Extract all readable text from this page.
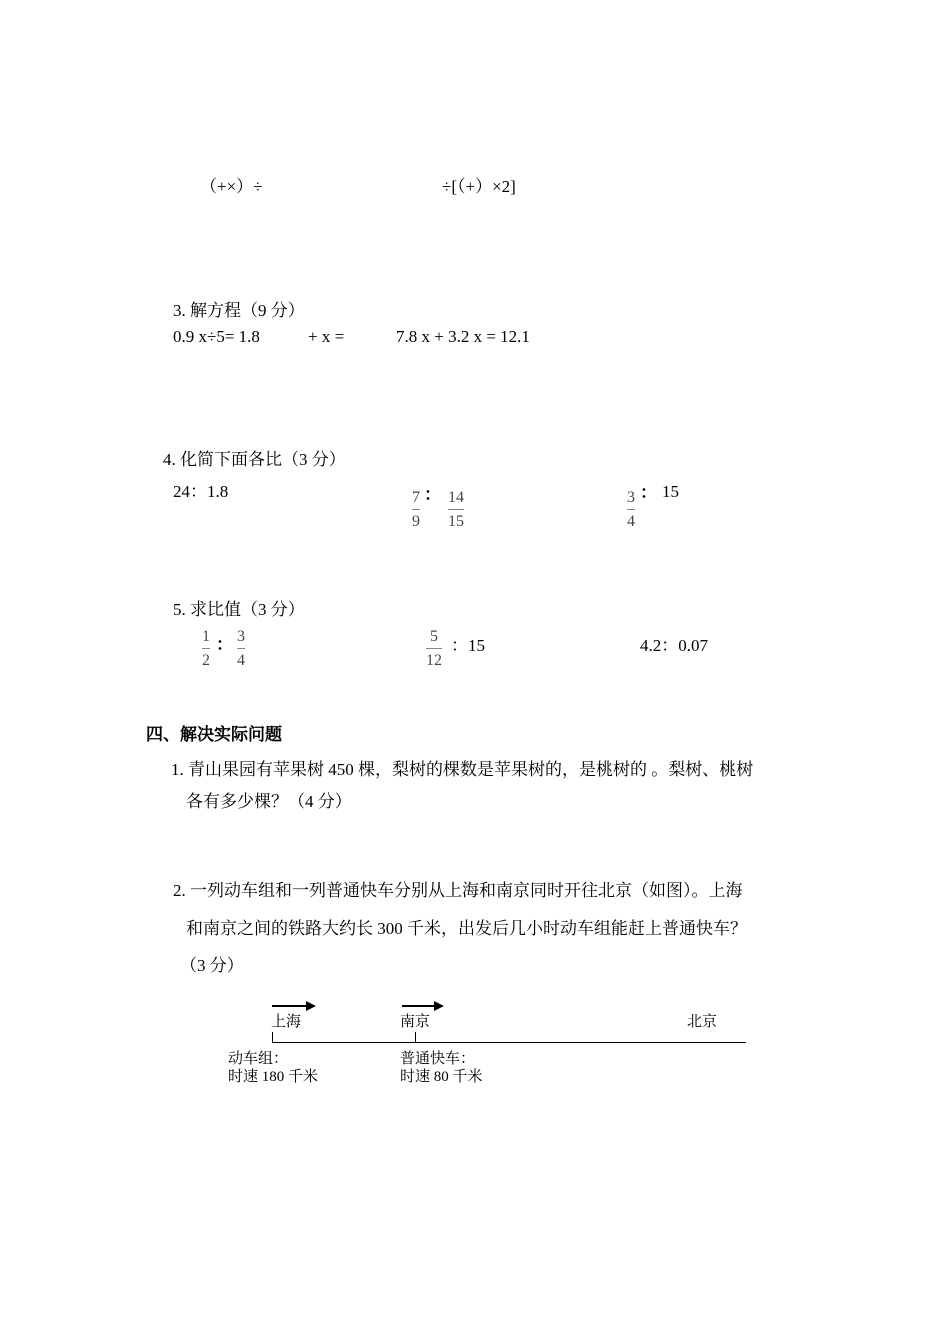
（+×）÷	÷[（+）×2]
3. 解方程（9 分）
0.9 x÷5= 1.8	+ x =	7.8 x + 3.2 x = 12.1
4. 化简下面各比（3 分）
24：1.8	7
9
： 14
15
3
4
： 15
5. 求比值（3 分）
1
2
： 3
4
5
12
：15	4.2：0.07
四、解决实际问题
1. 青山果园有苹果树 450 棵，梨树的棵数是苹果树的，是桃树的 。梨树、桃树
各有多少棵？（4 分）
2. 一列动车组和一列普通快车分别从上海和南京同时开往北京（如图）。上海
和南京之间的铁路大约长 300 千米，出发后几小时动车组能赶上普通快车？
（3 分）
上海	南京	北京
动车组：
时速 180 千米
普通快车：
时速 80 千米
